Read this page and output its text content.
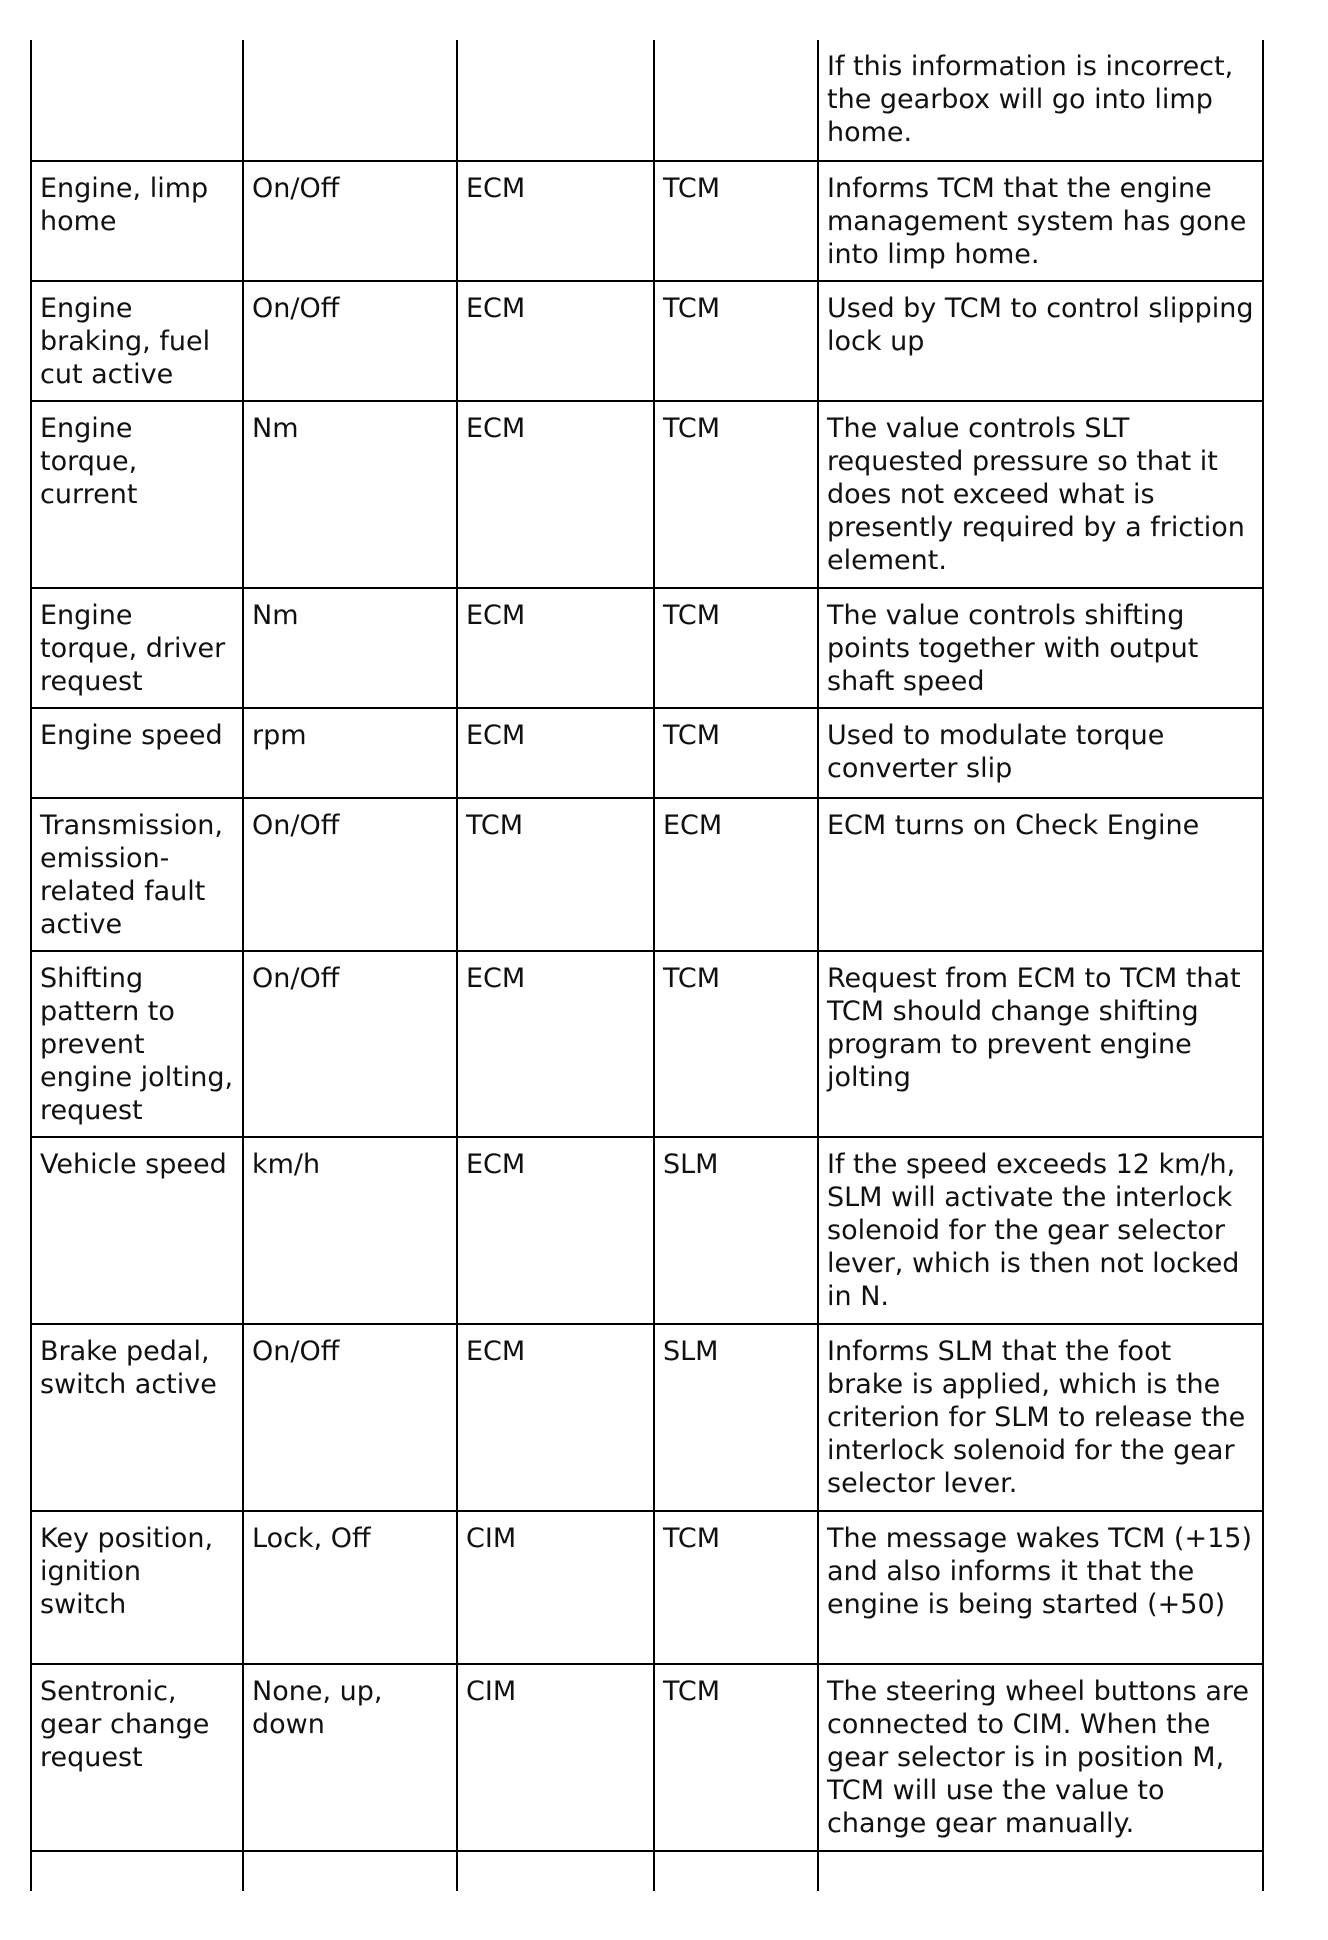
				If this information is incorrect, the gearbox will go into limp home.
Engine, limp home	On/Off	ECM	TCM	Informs TCM that the engine management system has gone into limp home.
Engine braking, fuel cut active	On/Off	ECM	TCM	Used by TCM to control slipping lock up
Engine torque, current	Nm	ECM	TCM	The value controls SLT requested pressure so that it does not exceed what is presently required by a friction element.
Engine torque, driver request	Nm	ECM	TCM	The value controls shifting points together with output shaft speed
Engine speed	rpm	ECM	TCM	Used to modulate torque converter slip
Transmission, emission-related fault active	On/Off	TCM	ECM	ECM turns on Check Engine
Shifting pattern to prevent engine jolting, request	On/Off	ECM	TCM	Request from ECM to TCM that TCM should change shifting program to prevent engine jolting
Vehicle speed	km/h	ECM	SLM	If the speed exceeds 12 km/h, SLM will activate the interlock solenoid for the gear selector lever, which is then not locked in N.
Brake pedal, switch active	On/Off	ECM	SLM	Informs SLM that the foot brake is applied, which is the criterion for SLM to release the interlock solenoid for the gear selector lever.
Key position, ignition switch	Lock, Off	CIM	TCM	The message wakes TCM (+15) and also informs it that the engine is being started (+50)
Sentronic, gear change request	None, up, down	CIM	TCM	The steering wheel buttons are connected to CIM. When the gear selector is in position M, TCM will use the value to change gear manually.
